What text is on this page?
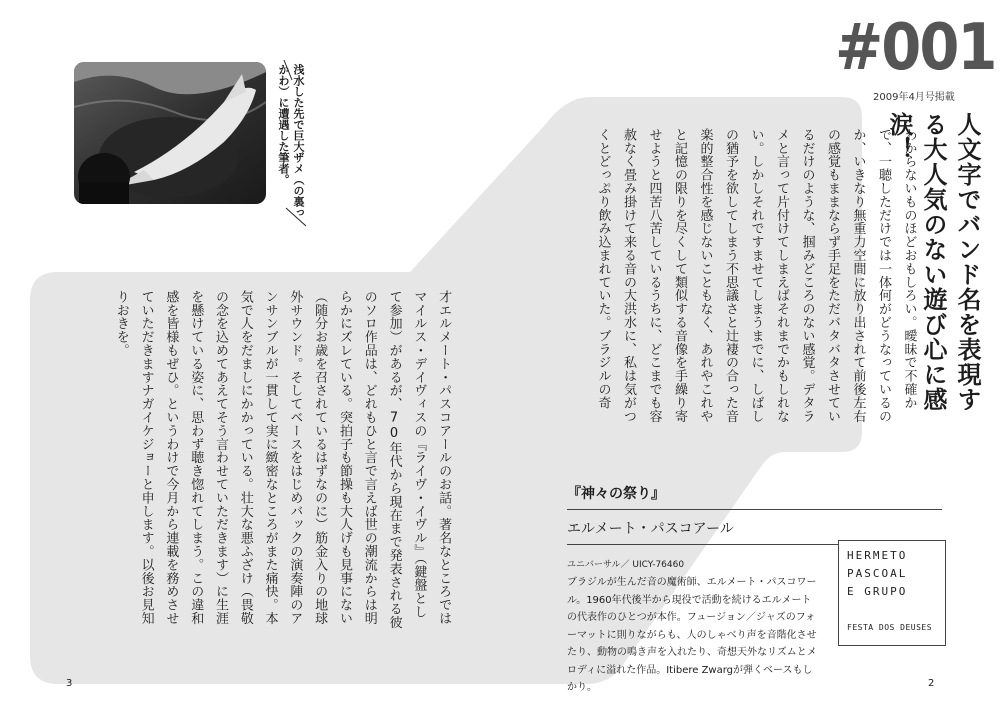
浅水した先で巨大ザメ（の裏っかわ）に遭遇した筆者。
#001
2009年4月号掲載
人文字でバンド名を表現する大人気のない遊び心に感涙！
わからないものほどおもしろい。曖昧で不確かで、一聴しただけでは一体何がどうなっているのか、いきなり無重力空間に放り出されて前後左右の感覚もままならず手足をただバタバタさせているだけのような、掴みどころのない感覚。デタラメと言って片付けてしまえばそれまでかもしれない。しかしそれですませてしまうまでに、しばしの猶予を欲してしまう不思議さと辻褄の合った音楽的整合性を感じないこともなく、あれやこれやと記憶の限りを尽くして類似する音像を手繰り寄せようと四苦八苦しているうちに、どこまでも容赦なく畳み掛けて来る音の大洪水に、私は気がつくとどっぷり飲み込まれていた。ブラジルの奇
才エルメート・パスコアールのお話。著名なところではマイルス・デイヴィスの『ライヴ・イヴル』（鍵盤として参加）があるが、70年代から現在まで発表される彼のソロ作品は、どれもひと言で言えば世の潮流からは明らかにズレている。突拍子も節操も大人げも見事にない（随分お歳を召されているはずなのに）筋金入りの地球外サウンド。そしてベースをはじめバックの演奏陣のアンサンブルが一貫して実に緻密なところがまた痛快。本気で人をだましにかかっている。壮大な悪ふざけ（畏敬の念を込めてあえてそう言わせていただきます）に生涯を懸けている姿に、思わず聴き惚れてしまう。この違和感を皆様もぜひ。というわけで今月から連載を務めさせていただきますナガイケジョーと申します。以後お見知りおきを。
『神々の祭り』
エルメート・パスコアール
ユニバーサル／ UICY-76460
ブラジルが生んだ音の魔術師、エルメート・パスコワール。1960年代後半から現役で活動を続けるエルメートの代表作のひとつが本作。フュージョン／ジャズのフォーマットに則りながらも、人のしゃべり声を音階化させたり、動物の鳴き声を入れたり、奇想天外なリズムとメロディに溢れた作品。Itibere Zwargが弾くベースもしかり。
HERMETO
PASCOAL
E GRUPO
FESTA DOS DEUSES
3	2
